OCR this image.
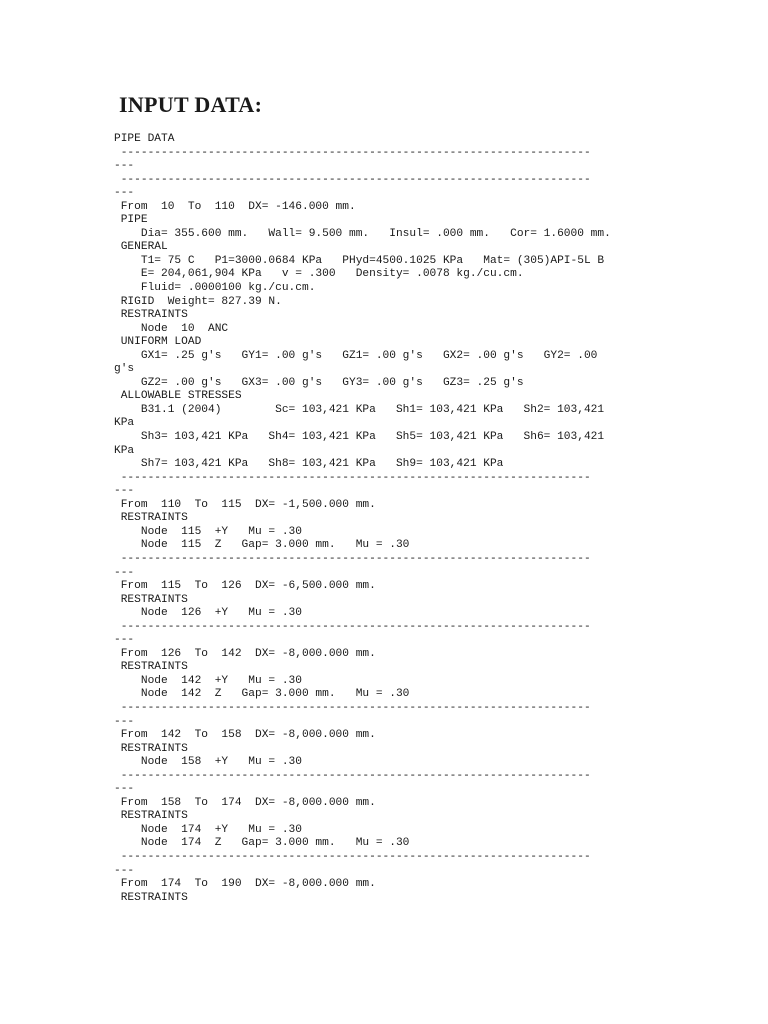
INPUT DATA:
PIPE DATA
----------------------------------------------------------------------
---
----------------------------------------------------------------------
---
From  10  To  110  DX= -146.000 mm.
PIPE
Dia= 355.600 mm.   Wall= 9.500 mm.   Insul= .000 mm.   Cor= 1.6000 mm.
GENERAL
T1= 75 C   P1=3000.0684 KPa   PHyd=4500.1025 KPa   Mat= (305)API-5L B
E= 204,061,904 KPa   v = .300   Density= .0078 kg./cu.cm.
Fluid= .0000100 kg./cu.cm.
RIGID  Weight= 827.39 N.
RESTRAINTS
Node  10  ANC
UNIFORM LOAD
GX1= .25 g's   GY1= .00 g's   GZ1= .00 g's   GX2= .00 g's   GY2= .00
g's
GZ2= .00 g's   GX3= .00 g's   GY3= .00 g's   GZ3= .25 g's
ALLOWABLE STRESSES
B31.1 (2004)        Sc= 103,421 KPa   Sh1= 103,421 KPa   Sh2= 103,421
KPa
Sh3= 103,421 KPa   Sh4= 103,421 KPa   Sh5= 103,421 KPa   Sh6= 103,421
KPa
Sh7= 103,421 KPa   Sh8= 103,421 KPa   Sh9= 103,421 KPa
----------------------------------------------------------------------
---
From  110  To  115  DX= -1,500.000 mm.
RESTRAINTS
Node  115  +Y   Mu = .30
Node  115  Z   Gap= 3.000 mm.   Mu = .30
----------------------------------------------------------------------
---
From  115  To  126  DX= -6,500.000 mm.
RESTRAINTS
Node  126  +Y   Mu = .30
----------------------------------------------------------------------
---
From  126  To  142  DX= -8,000.000 mm.
RESTRAINTS
Node  142  +Y   Mu = .30
Node  142  Z   Gap= 3.000 mm.   Mu = .30
----------------------------------------------------------------------
---
From  142  To  158  DX= -8,000.000 mm.
RESTRAINTS
Node  158  +Y   Mu = .30
----------------------------------------------------------------------
---
From  158  To  174  DX= -8,000.000 mm.
RESTRAINTS
Node  174  +Y   Mu = .30
Node  174  Z   Gap= 3.000 mm.   Mu = .30
----------------------------------------------------------------------
---
From  174  To  190  DX= -8,000.000 mm.
RESTRAINTS
